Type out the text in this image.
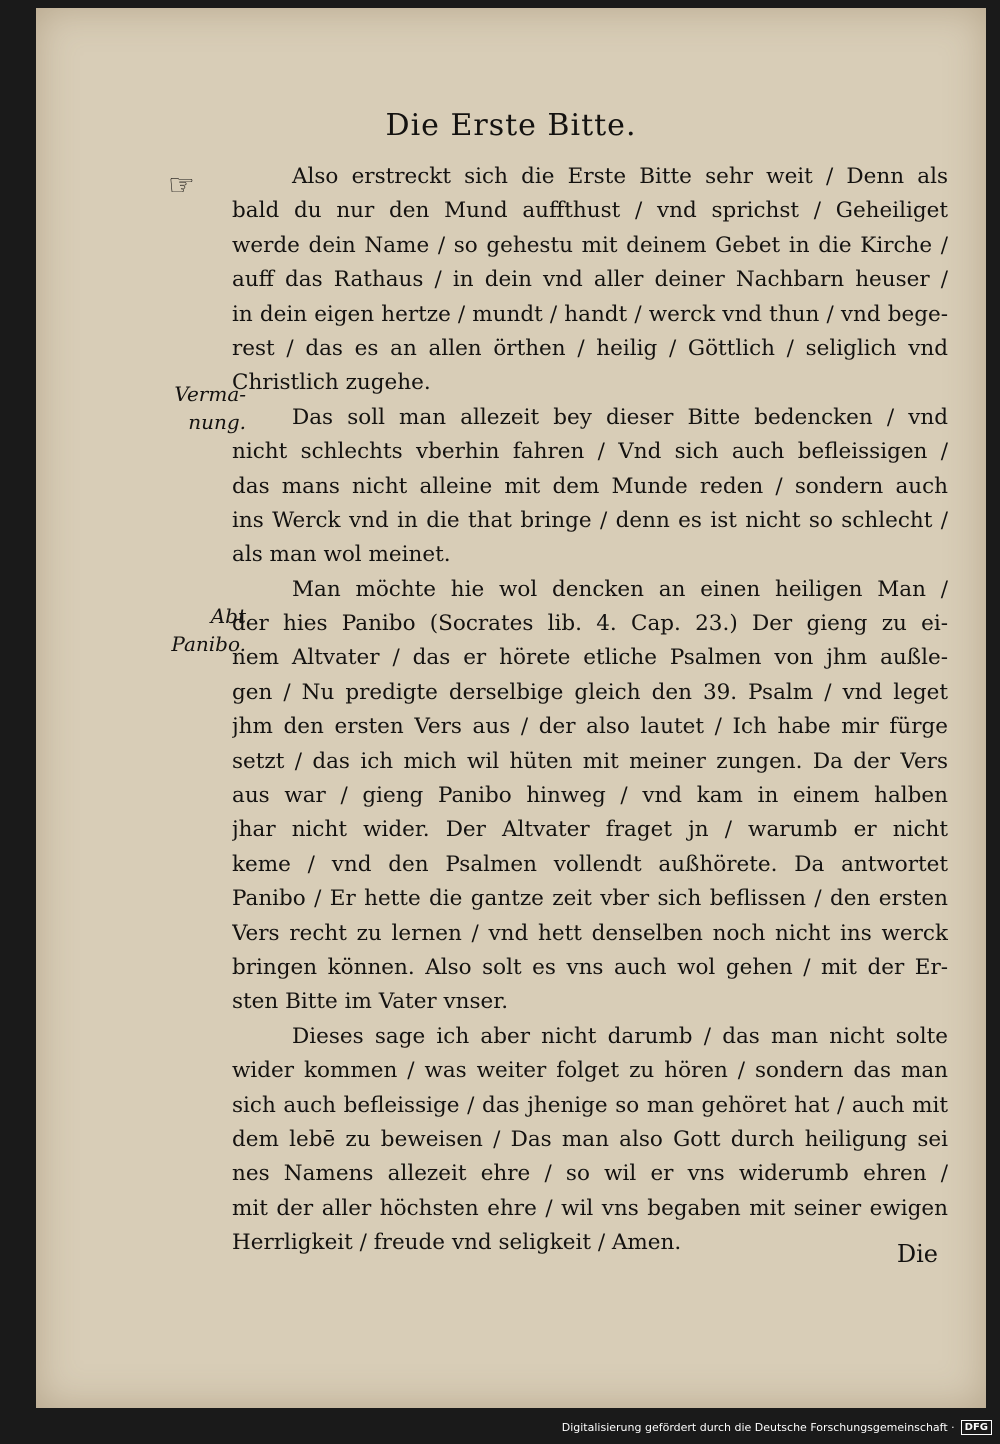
Die Erste Bitte.
☞
Verma-
nung.
Abt
Panibo.
Also erstreckt sich die Erste Bitte sehr weit / Denn als
bald du nur den Mund auffthust / vnd sprichst / Geheiliget
werde dein Name / so gehestu mit deinem Gebet in die Kirche /
auff das Rathaus / in dein vnd aller deiner Nachbarn heuser /
in dein eigen hertze / mundt / handt / werck vnd thun / vnd bege-
rest / das es an allen örthen / heilig / Göttlich / seliglich vnd
Christlich zugehe.
Das soll man allezeit bey dieser Bitte bedencken / vnd
nicht schlechts vberhin fahren / Vnd sich auch befleissigen /
das mans nicht alleine mit dem Munde reden / sondern auch
ins Werck vnd in die that bringe / denn es ist nicht so schlecht /
als man wol meinet.
Man möchte hie wol dencken an einen heiligen Man /
der hies Panibo (Socrates lib. 4. Cap. 23.) Der gieng zu ei-
nem Altvater / das er hörete etliche Psalmen von jhm außle-
gen / Nu predigte derselbige gleich den 39. Psalm / vnd leget
jhm den ersten Vers aus / der also lautet / Ich habe mir fürge
setzt / das ich mich wil hüten mit meiner zungen. Da der Vers
aus war / gieng Panibo hinweg / vnd kam in einem halben
jhar nicht wider. Der Altvater fraget jn / warumb er nicht
keme / vnd den Psalmen vollendt außhörete. Da antwortet
Panibo / Er hette die gantze zeit vber sich beflissen / den ersten
Vers recht zu lernen / vnd hett denselben noch nicht ins werck
bringen können. Also solt es vns auch wol gehen / mit der Er-
sten Bitte im Vater vnser.
Dieses sage ich aber nicht darumb / das man nicht solte
wider kommen / was weiter folget zu hören / sondern das man
sich auch befleissige / das jhenige so man gehöret hat / auch mit
dem lebē zu beweisen / Das man also Gott durch heiligung sei
nes Namens allezeit ehre / so wil er vns widerumb ehren /
mit der aller höchsten ehre / wil vns begaben mit seiner ewigen
Herrligkeit / freude vnd seligkeit / Amen.	Die
Digitalisierung gefördert durch die Deutsche Forschungsgemeinschaft ·	DFG
